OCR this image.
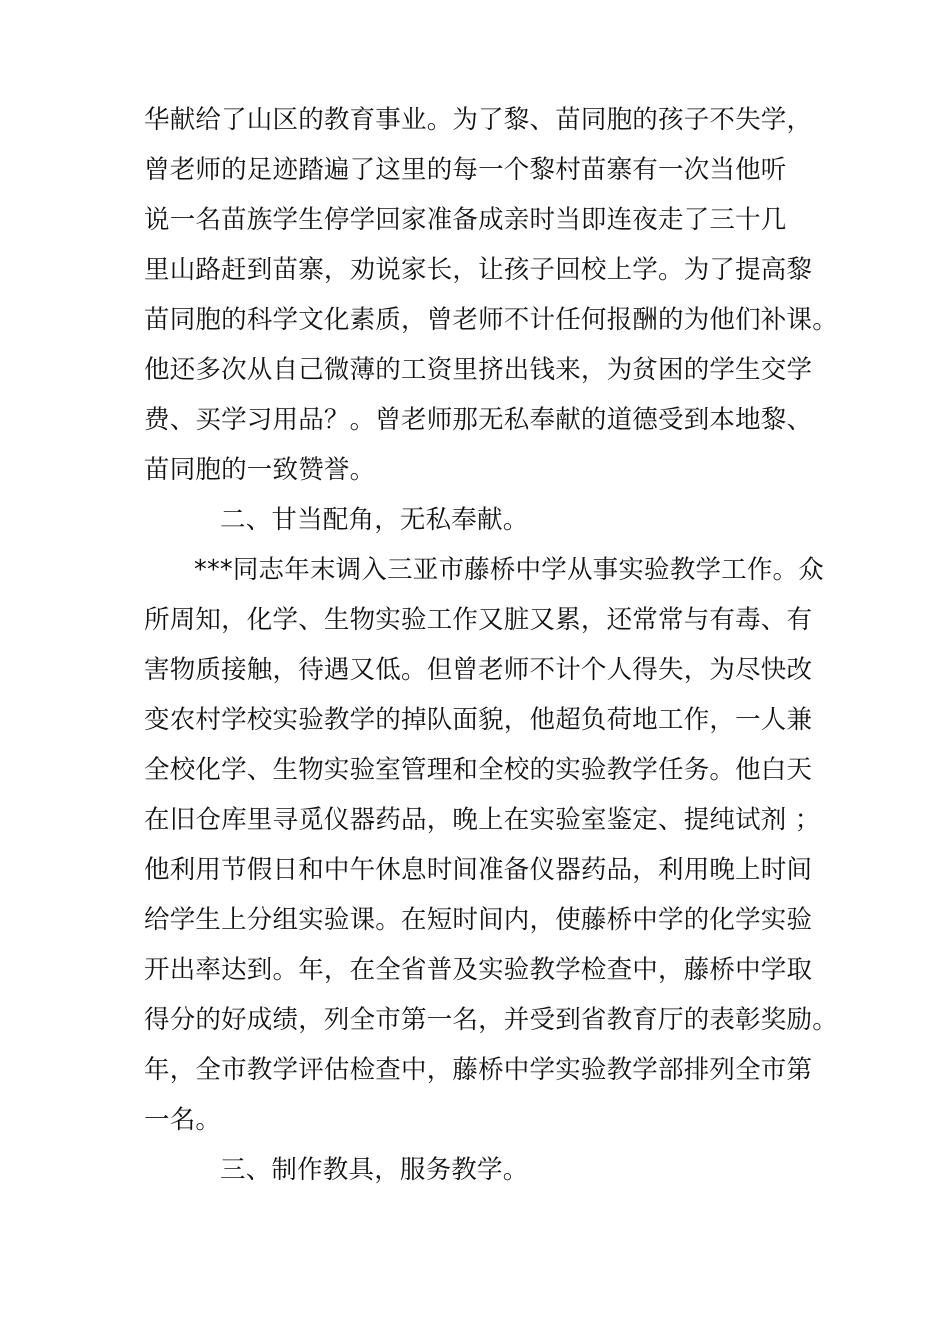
华献给了山区的教育事业。为了黎、苗同胞的孩子不失学，
曾老师的足迹踏遍了这里的每一个黎村苗寨有一次当他听
说一名苗族学生停学回家准备成亲时当即连夜走了三十几
里山路赶到苗寨，劝说家长，让孩子回校上学。为了提高黎
苗同胞的科学文化素质，曾老师不计任何报酬的为他们补课。
他还多次从自己微薄的工资里挤出钱来，为贫困的学生交学
费、买学习用品？。曾老师那无私奉献的道德受到本地黎、
苗同胞的一致赞誉。
二、甘当配角，无私奉献。
***同志年末调入三亚市藤桥中学从事实验教学工作。众
所周知，化学、生物实验工作又脏又累，还常常与有毒、有
害物质接触，待遇又低。但曾老师不计个人得失，为尽快改
变农村学校实验教学的掉队面貌，他超负荷地工作，一人兼
全校化学、生物实验室管理和全校的实验教学任务。他白天
在旧仓库里寻觅仪器药品，晚上在实验室鉴定、提纯试剂 ；
他利用节假日和中午休息时间准备仪器药品，利用晚上时间
给学生上分组实验课。在短时间内，使藤桥中学的化学实验
开出率达到。年，在全省普及实验教学检查中，藤桥中学取
得分的好成绩，列全市第一名，并受到省教育厅的表彰奖励。
年，全市教学评估检查中，藤桥中学实验教学部排列全市第
一名。
三、制作教具，服务教学。
